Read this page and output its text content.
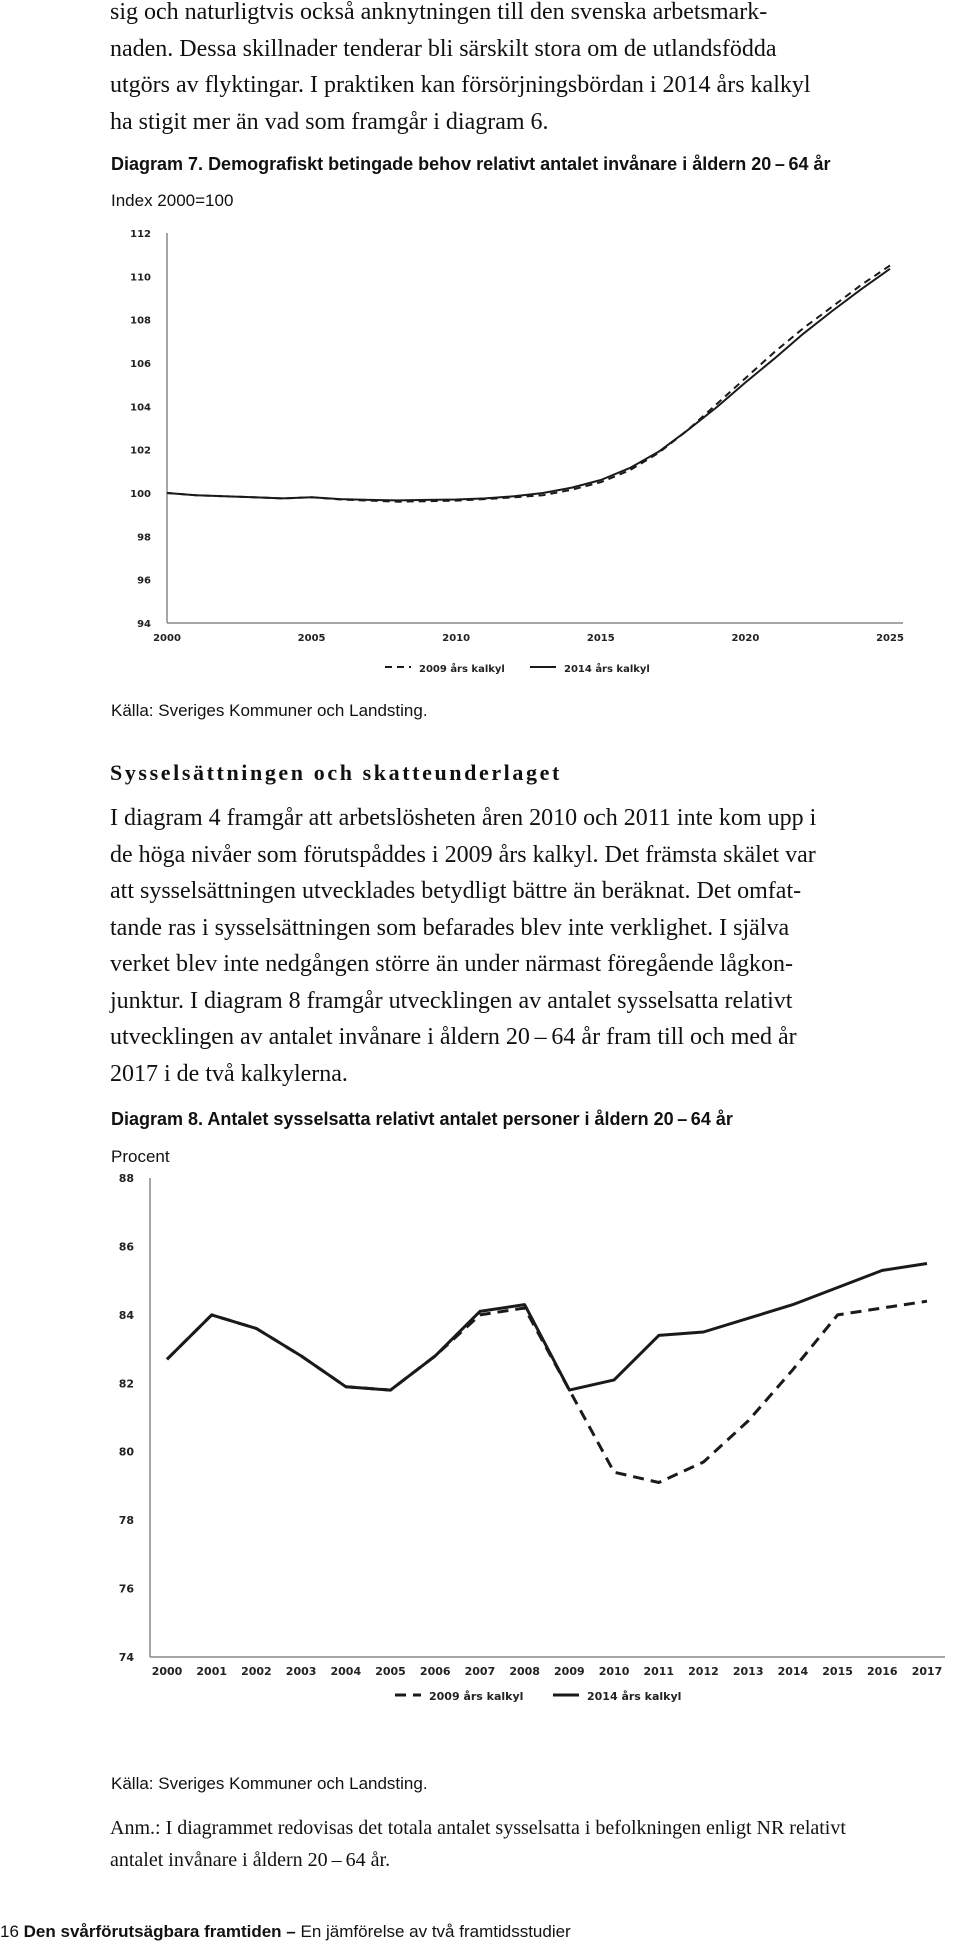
sig och naturligtvis också anknytningen till den svenska arbetsmark-
naden. Dessa skillnader tenderar bli särskilt stora om de utlandsfödda
utgörs av flyktingar. I praktiken kan försörjningsbördan i 2014 års kalkyl
ha stigit mer än vad som framgår i diagram 6.
Diagram 7. Demografiskt betingade behov relativt antalet invånare i åldern 20 – 64 år
Index 2000=100
112
110
108
106
104
102
100
98
96
94
2000	2005	2010	2015	2020	2025
2009 års kalkyl	2014 års kalkyl
Källa: Sveriges Kommuner och Landsting.
Sysselsättningen och skatteunderlaget
I diagram 4 framgår att arbetslösheten åren 2010 och 2011 inte kom upp i
de höga nivåer som förutspåddes i 2009 års kalkyl. Det främsta skälet var
att sysselsättningen utvecklades betydligt bättre än beräknat. Det omfat-
tande ras i sysselsättningen som befarades blev inte verklighet. I själva
verket blev inte nedgången större än under närmast föregående lågkon-
junktur. I diagram 8 framgår utvecklingen av antalet sysselsatta relativt
utvecklingen av antalet invånare i åldern 20 – 64 år fram till och med år
2017 i de två kalkylerna.
Diagram 8. Antalet sysselsatta relativt antalet personer i åldern 20 – 64 år
Procent
88
86
84
82
80
78
76
74
2000 2001 2002 2003 2004 2005 2006 2007 2008 2009 2010 2011 2012 2013 2014 2015 2016 2017
2009 års kalkyl	2014 års kalkyl
Källa: Sveriges Kommuner och Landsting.
Anm.: I diagrammet redovisas det totala antalet sysselsatta i befolkningen enligt NR relativt
antalet invånare i åldern 20 – 64 år.
16 Den svårförutsägbara framtiden – En jämförelse av två framtidsstudier
